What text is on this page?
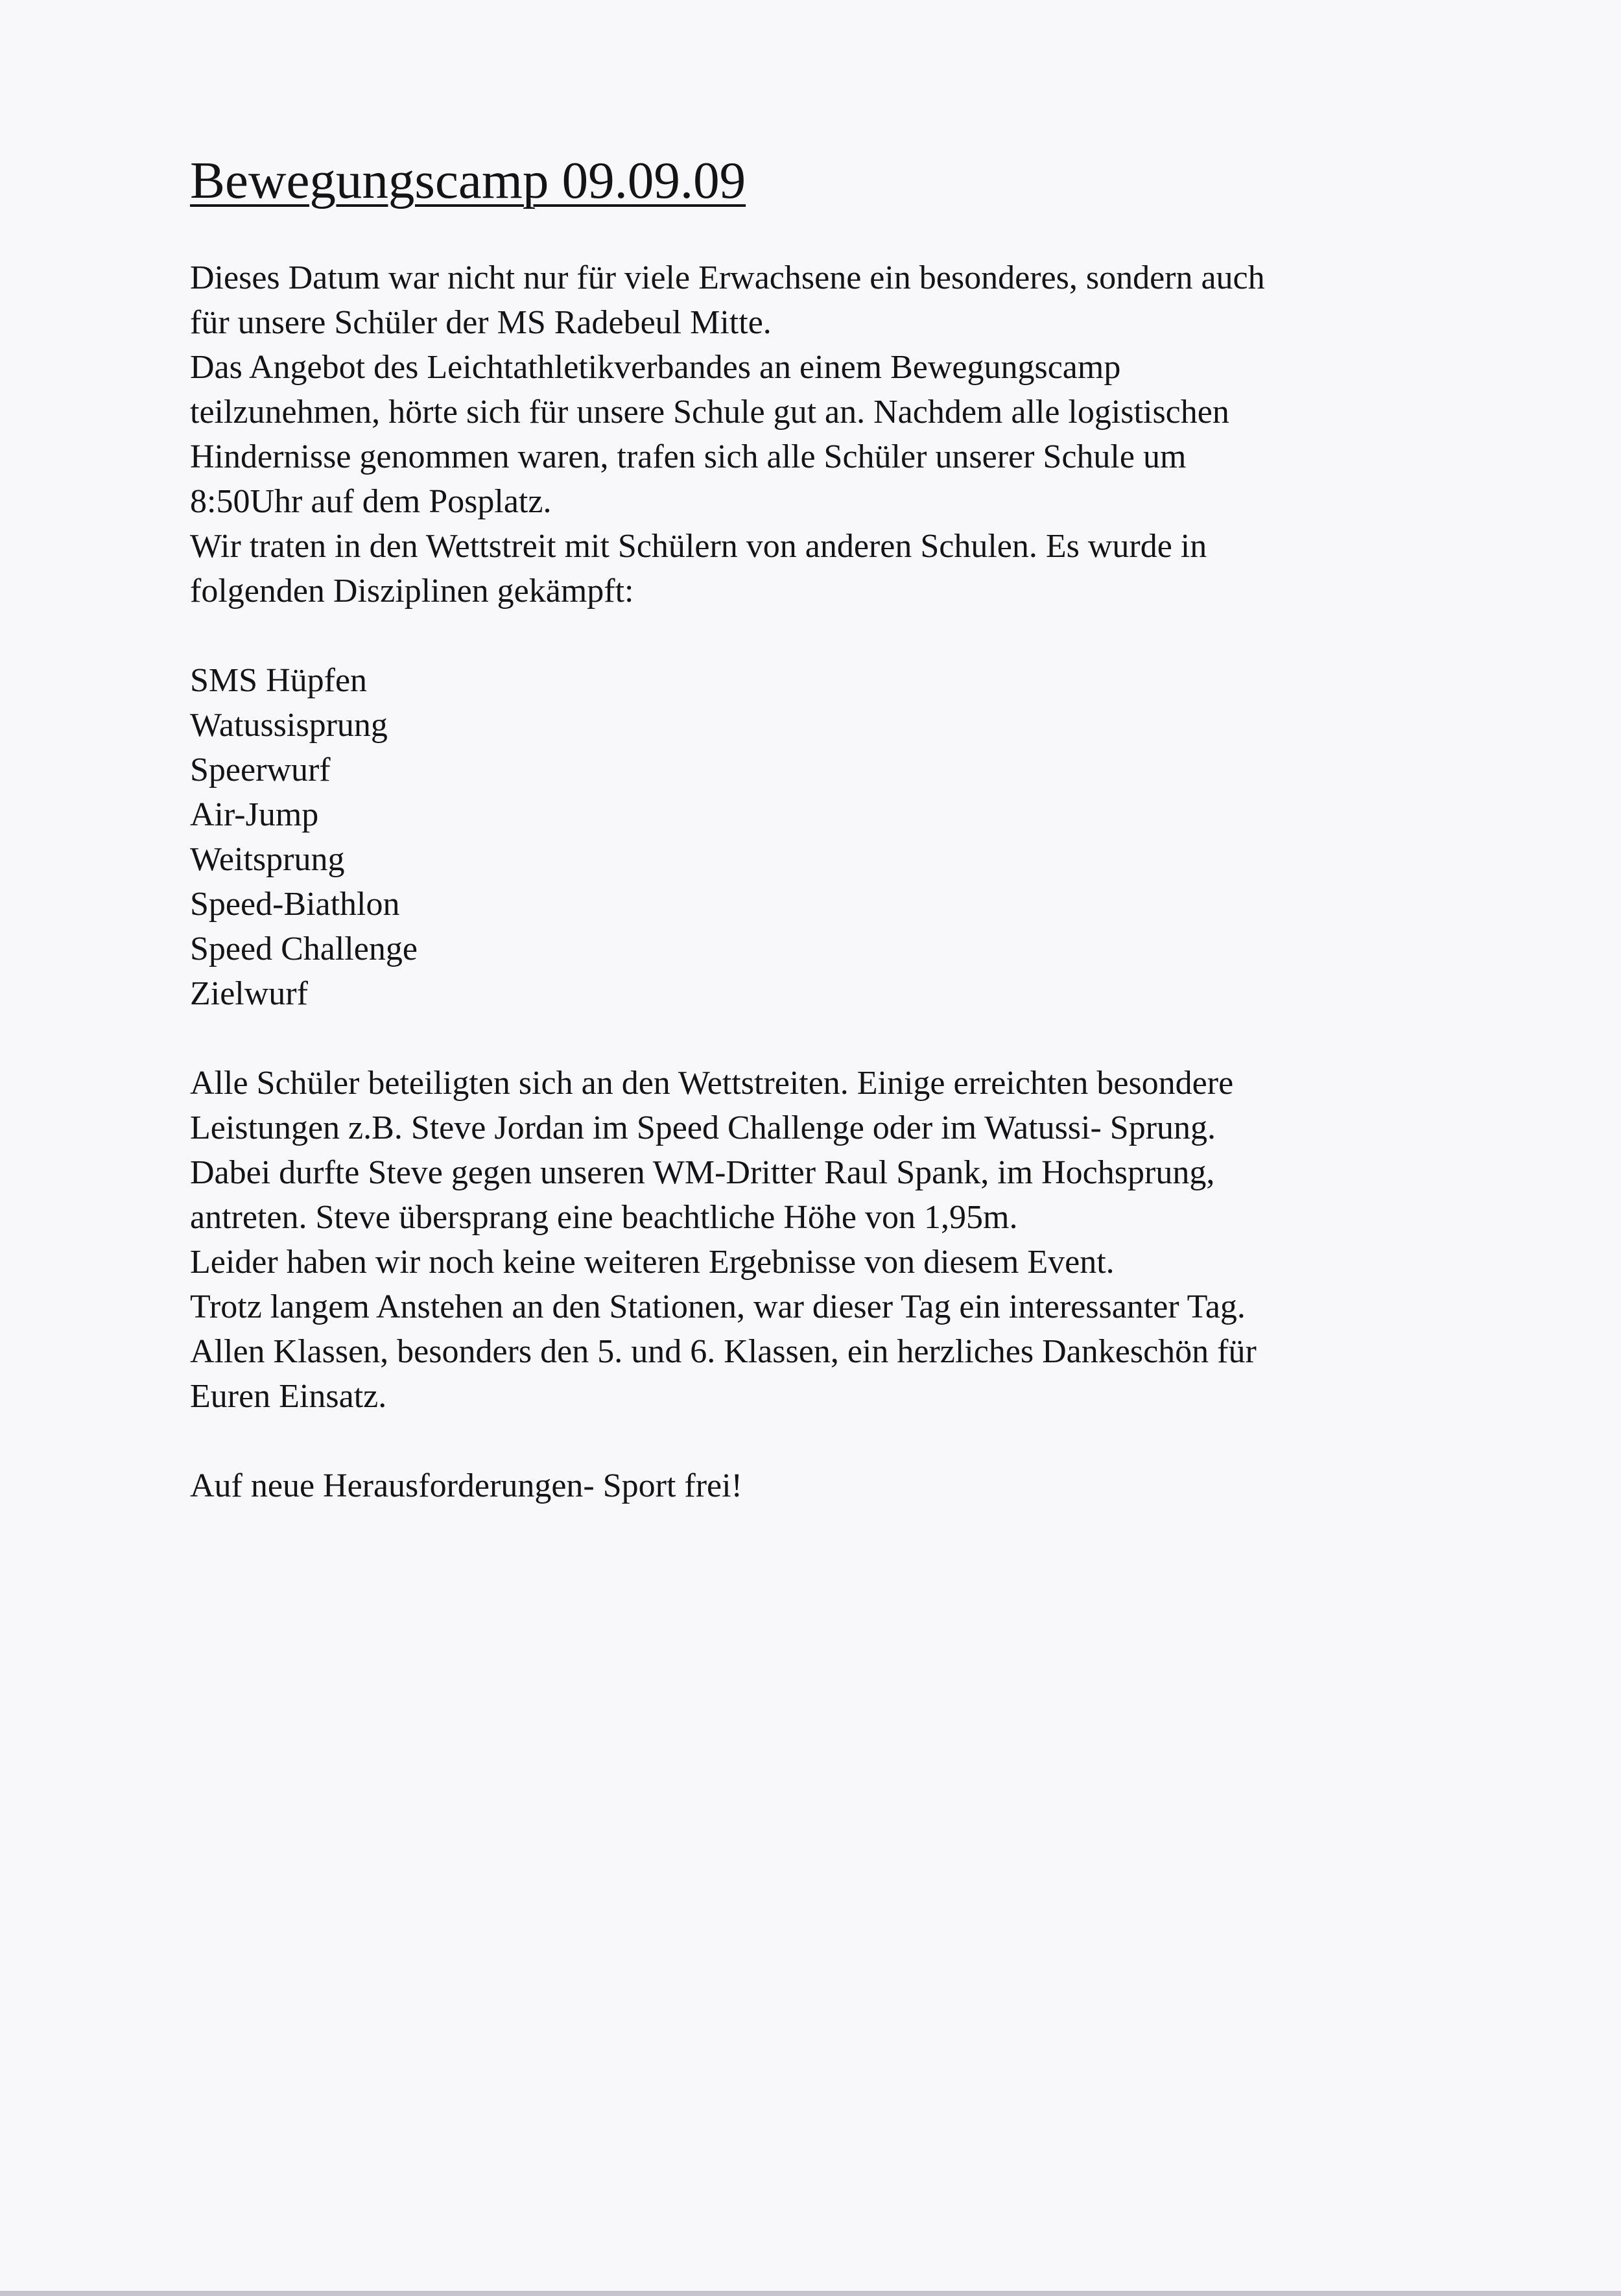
Bewegungscamp 09.09.09

Dieses Datum war nicht nur für viele Erwachsene ein besonderes, sondern auch

für unsere Schüler der MS Radebeul Mitte.

Das Angebot des Leichtathletikverbandes an einem Bewegungscamp

teilzunehmen, hörte sich für unsere Schule gut an. Nachdem alle logistischen

Hindernisse genommen waren, trafen sich alle Schüler unserer Schule um

8:50Uhr auf dem Posplatz.

Wir traten in den Wettstreit mit Schülern von anderen Schulen. Es wurde in

folgenden Disziplinen gekämpft:

SMS Hüpfen
Watussisprung
Speerwurf
Air-Jump
Weitsprung
Speed-Biathlon
Speed Challenge
Zielwurf

Alle Schüler beteiligten sich an den Wettstreiten. Einige erreichten besondere

Leistungen z.B. Steve Jordan im Speed Challenge oder im Watussi- Sprung.

Dabei durfte Steve gegen unseren WM-Dritter Raul Spank, im Hochsprung,

antreten. Steve übersprang eine beachtliche Höhe von 1,95m.

Leider haben wir noch keine weiteren Ergebnisse von diesem Event.

Trotz langem Anstehen an den Stationen, war dieser Tag ein interessanter Tag.

Allen Klassen, besonders den 5. und 6. Klassen, ein herzliches Dankeschön für

Euren Einsatz.

Auf neue Herausforderungen- Sport frei!
